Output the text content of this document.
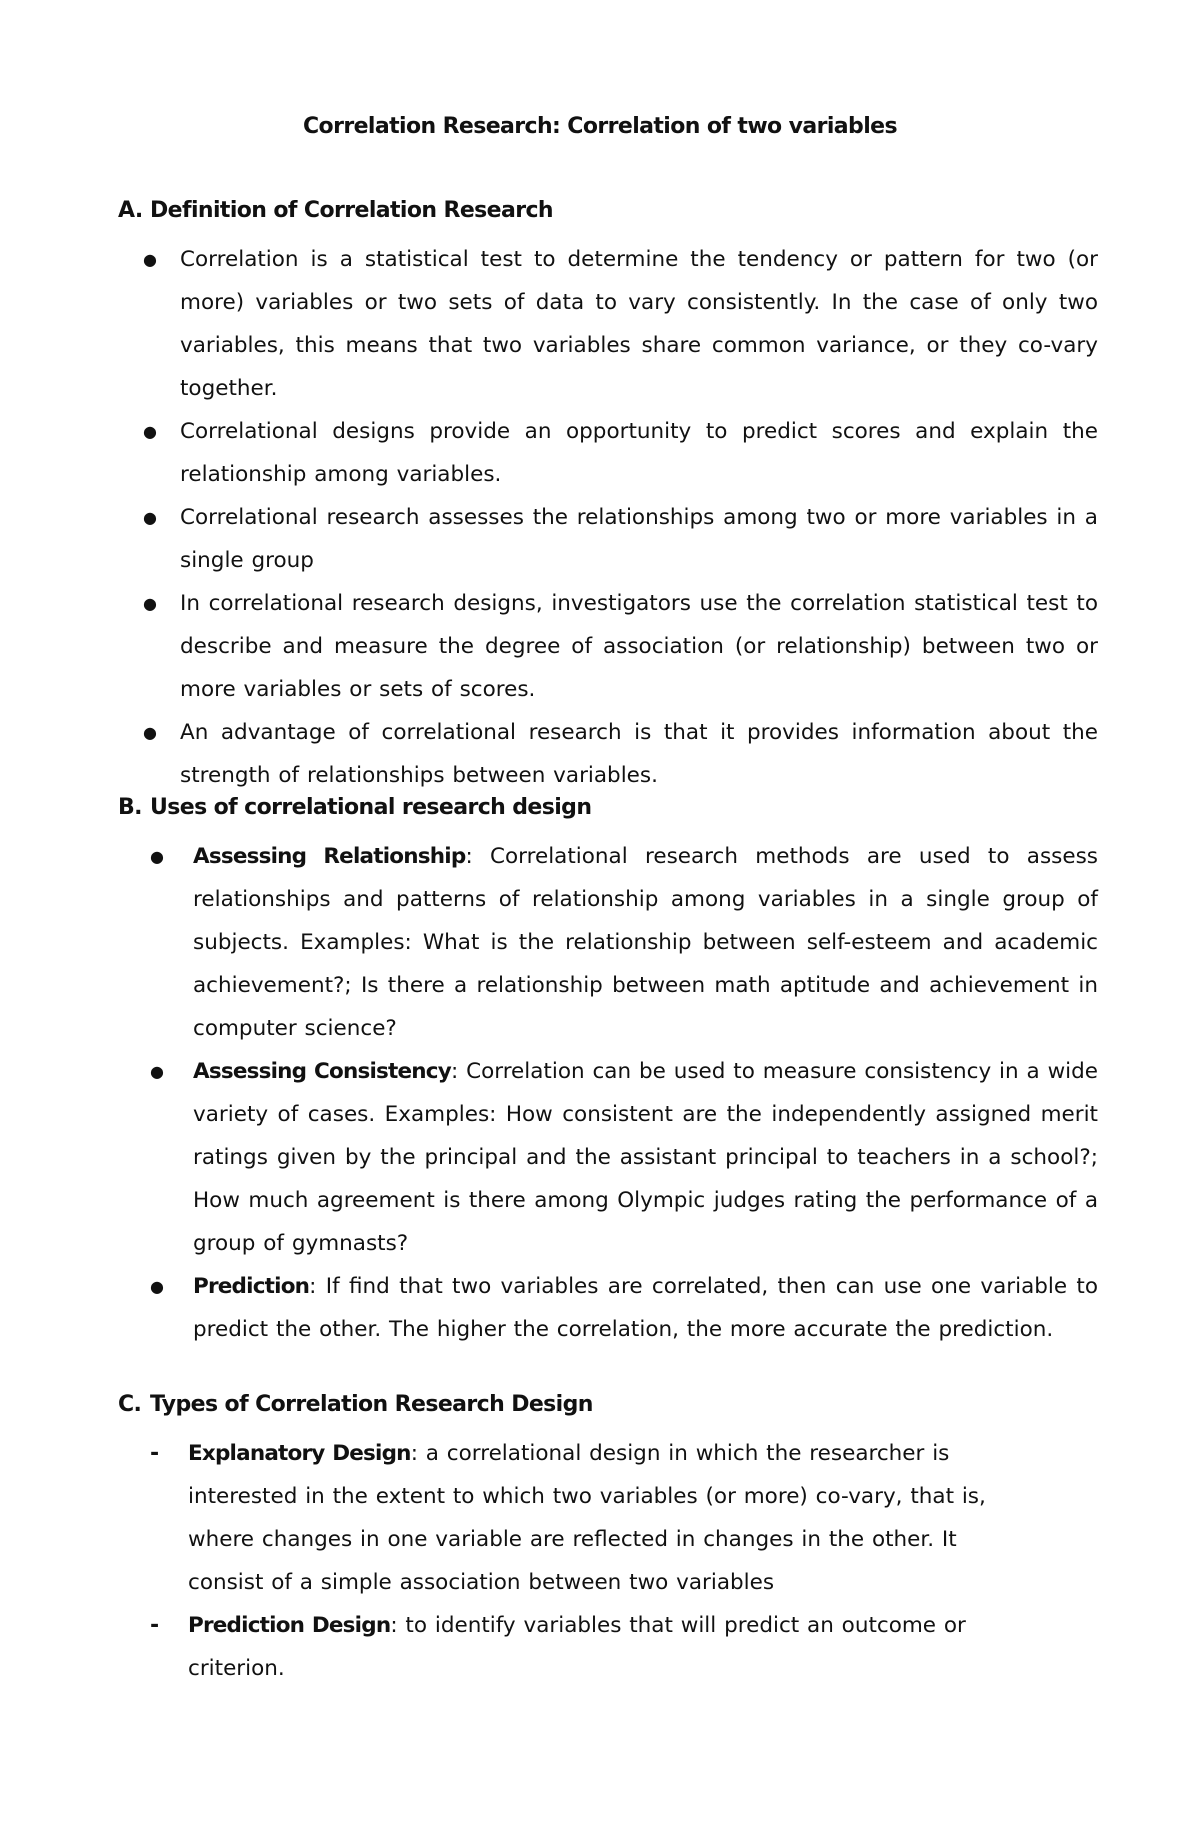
Correlation Research: Correlation of two variables
A. Definition of Correlation Research
● Correlation is a statistical test to determine the tendency or pattern for two (or more) variables or two sets of data to vary consistently. In the case of only two variables, this means that two variables share common variance, or they co-vary together.
● Correlational designs provide an opportunity to predict scores and explain the relationship among variables.
● Correlational research assesses the relationships among two or more variables in a single group
● In correlational research designs, investigators use the correlation statistical test to describe and measure the degree of association (or relationship) between two or more variables or sets of scores.
● An advantage of correlational research is that it provides information about the strength of relationships between variables.
B. Uses of correlational research design
● Assessing Relationship: Correlational research methods are used to assess relationships and patterns of relationship among variables in a single group of subjects. Examples: What is the relationship between self-esteem and academic achievement?; Is there a relationship between math aptitude and achievement in computer science?
● Assessing Consistency: Correlation can be used to measure consistency in a wide variety of cases. Examples: How consistent are the independently assigned merit ratings given by the principal and the assistant principal to teachers in a school?; How much agreement is there among Olympic judges rating the performance of a group of gymnasts?
● Prediction: If find that two variables are correlated, then can use one variable to predict the other. The higher the correlation, the more accurate the prediction.
C. Types of Correlation Research Design
- Explanatory Design: a correlational design in which the researcher is interested in the extent to which two variables (or more) co-vary, that is, where changes in one variable are reflected in changes in the other. It consist of a simple association between two variables
- Prediction Design: to identify variables that will predict an outcome or criterion.
